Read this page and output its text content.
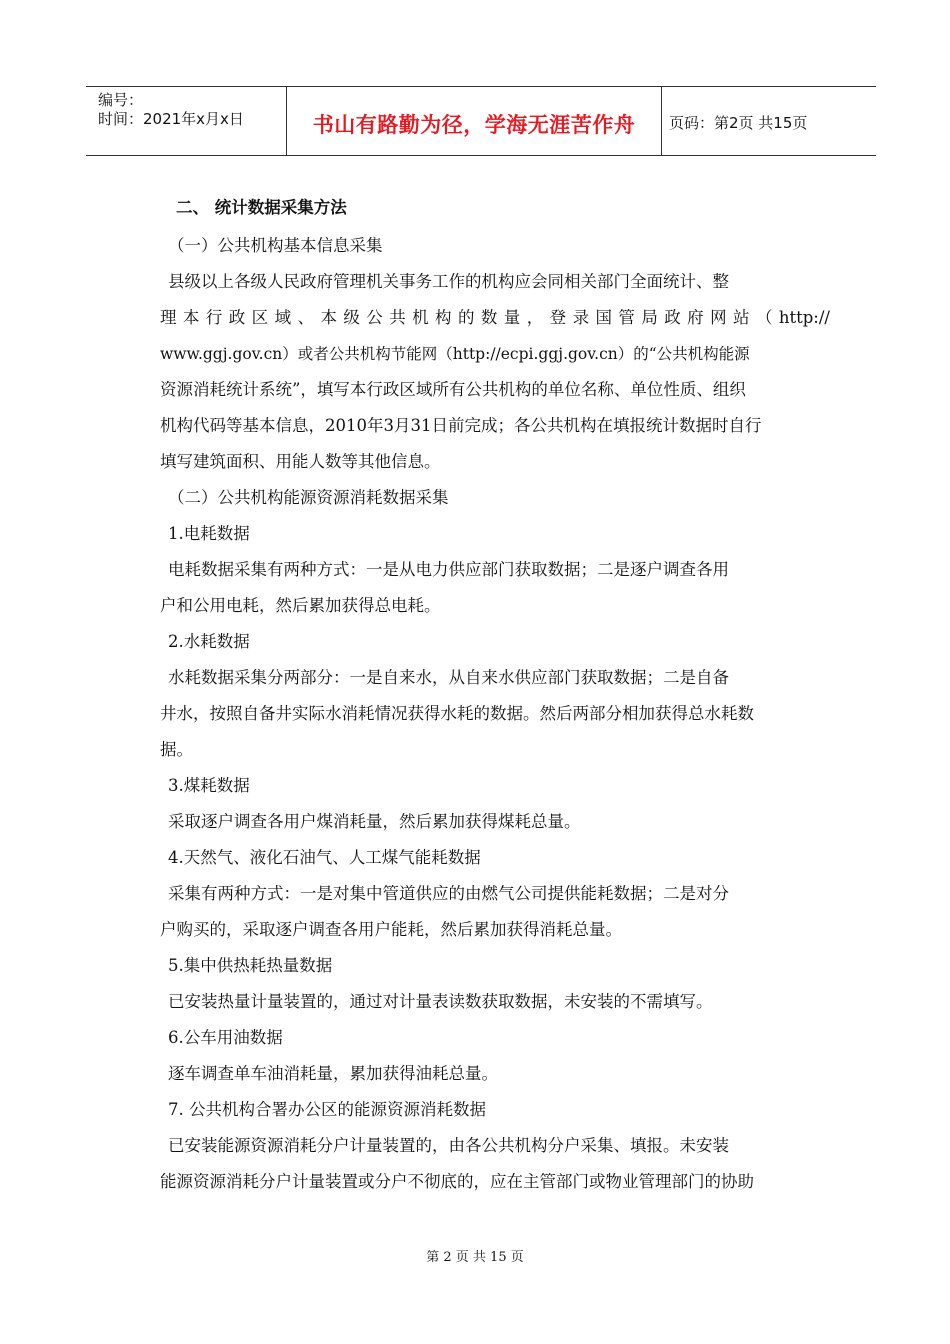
编号：
时间：2021年x月x日	书山有路勤为径，学海无涯苦作舟	页码：第2页 共15页
二、 统计数据采集方法
（一）公共机构基本信息采集
县级以上各级人民政府管理机关事务工作的机构应会同相关部门全面统计、整
理本行政区域、本级公共机构的数量，登录国管局政府网站（http://
www.ggj.gov.cn）或者公共机构节能网（http://ecpi.ggj.gov.cn）的“公共机构能源
资源消耗统计系统”，填写本行政区域所有公共机构的单位名称、单位性质、组织
机构代码等基本信息，2010年3月31日前完成；各公共机构在填报统计数据时自行
填写建筑面积、用能人数等其他信息。
（二）公共机构能源资源消耗数据采集
1.电耗数据
电耗数据采集有两种方式：一是从电力供应部门获取数据；二是逐户调查各用
户和公用电耗，然后累加获得总电耗。
2.水耗数据
水耗数据采集分两部分：一是自来水，从自来水供应部门获取数据；二是自备
井水，按照自备井实际水消耗情况获得水耗的数据。然后两部分相加获得总水耗数
据。
3.煤耗数据
采取逐户调查各用户煤消耗量，然后累加获得煤耗总量。
4.天然气、液化石油气、人工煤气能耗数据
采集有两种方式：一是对集中管道供应的由燃气公司提供能耗数据；二是对分
户购买的，采取逐户调查各用户能耗，然后累加获得消耗总量。
5.集中供热耗热量数据
已安装热量计量装置的，通过对计量表读数获取数据，未安装的不需填写。
6.公车用油数据
逐车调查单车油消耗量，累加获得油耗总量。
7. 公共机构合署办公区的能源资源消耗数据
已安装能源资源消耗分户计量装置的，由各公共机构分户采集、填报。未安装
能源资源消耗分户计量装置或分户不彻底的，应在主管部门或物业管理部门的协助
第 2 页 共 15 页
